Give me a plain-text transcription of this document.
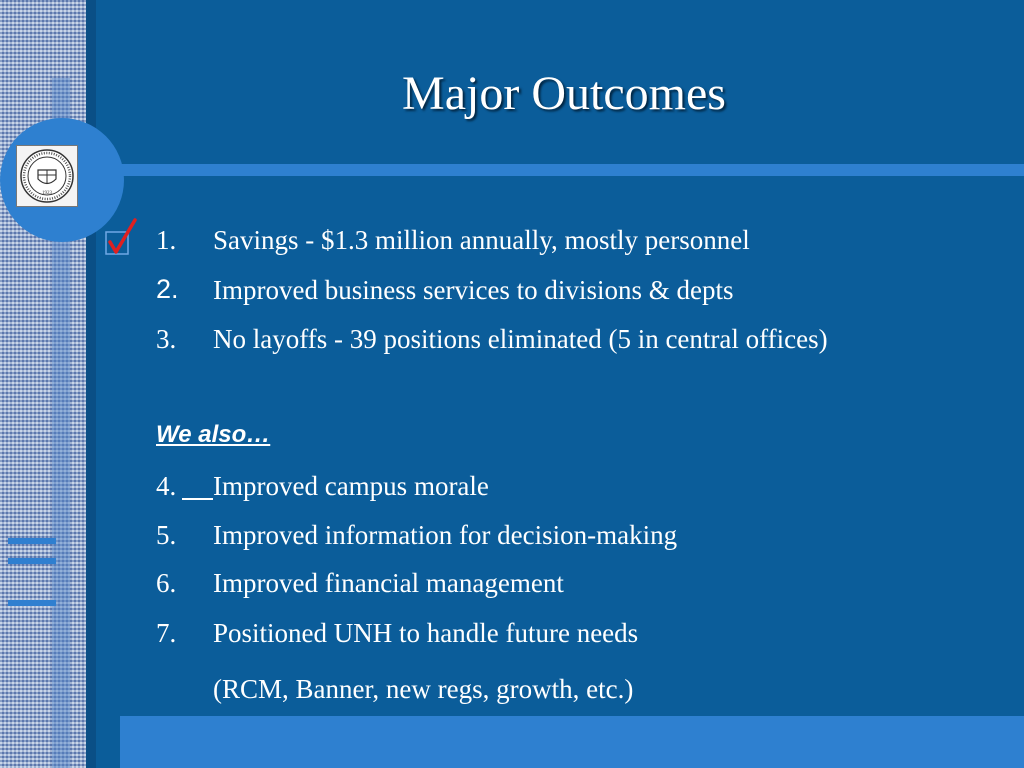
1923
Major Outcomes
1. Savings - $1.3 million annually, mostly personnel
2. Improved business services to divisions & depts
3. No layoffs - 39 positions eliminated (5 in central offices)
We also…
4. Improved campus morale
5. Improved information for decision-making
6. Improved financial management
7. Positioned UNH to handle future needs
(RCM, Banner, new regs, growth, etc.)
